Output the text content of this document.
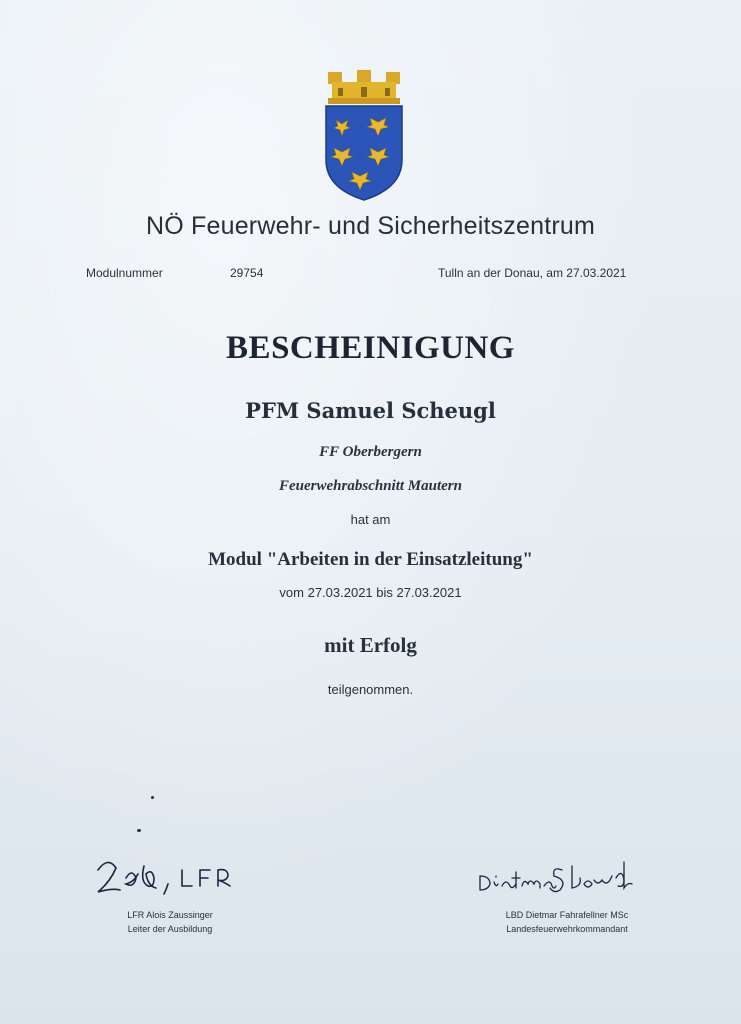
NÖ Feuerwehr- und Sicherheitszentrum
Modulnummer	29754	Tulln an der Donau, am 27.03.2021
BESCHEINIGUNG
PFM Samuel Scheugl
FF Oberbergern
Feuerwehrabschnitt Mautern
hat am
Modul "Arbeiten in der Einsatzleitung"
vom 27.03.2021 bis 27.03.2021
mit Erfolg
teilgenommen.
LFR Alois Zaussinger
Leiter der Ausbildung
LBD Dietmar Fahrafellner MSc
Landesfeuerwehrkommandant
